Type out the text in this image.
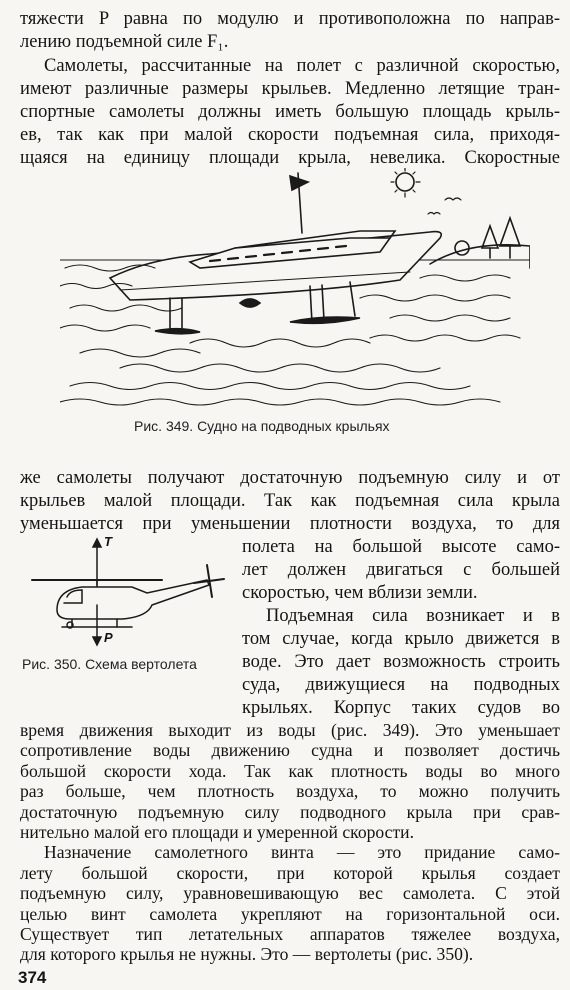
тяжести P равна по модулю и противоположна по направ-
лению подъемной силе F₁.
Самолеты, рассчитанные на полет с различной скоростью,
имеют различные размеры крыльев. Медленно летящие тран-
спортные самолеты должны иметь большую площадь крыль-
ев, так как при малой скорости подъемная сила, приходя-
щаяся на единицу площади крыла, невелика. Скоростные
Рис. 349. Судно на подводных крыльях
же самолеты получают достаточную подъемную силу и от
крыльев малой площади. Так как подъемная сила крыла
уменьшается при уменьшении плотности воздуха, то для
T
P
Рис. 350. Схема вертолета
полета на большой высоте само-
лет должен двигаться с большей
скоростью, чем вблизи земли.
Подъемная сила возникает и в
том случае, когда крыло движется в
воде. Это дает возможность строить
суда, движущиеся на подводных
крыльях. Корпус таких судов во
время движения выходит из воды (рис. 349). Это уменьшает
сопротивление воды движению судна и позволяет достичь
большой скорости хода. Так как плотность воды во много
раз больше, чем плотность воздуха, то можно получить
достаточную подъемную силу подводного крыла при срав-
нительно малой его площади и умеренной скорости.
Назначение самолетного винта — это придание само-
лету большой скорости, при которой крылья создает
подъемную силу, уравновешивающую вес самолета. С этой
целью винт самолета укрепляют на горизонтальной оси.
Существует тип летательных аппаратов тяжелее воздуха,
для которого крылья не нужны. Это — вертолеты (рис. 350).
374
